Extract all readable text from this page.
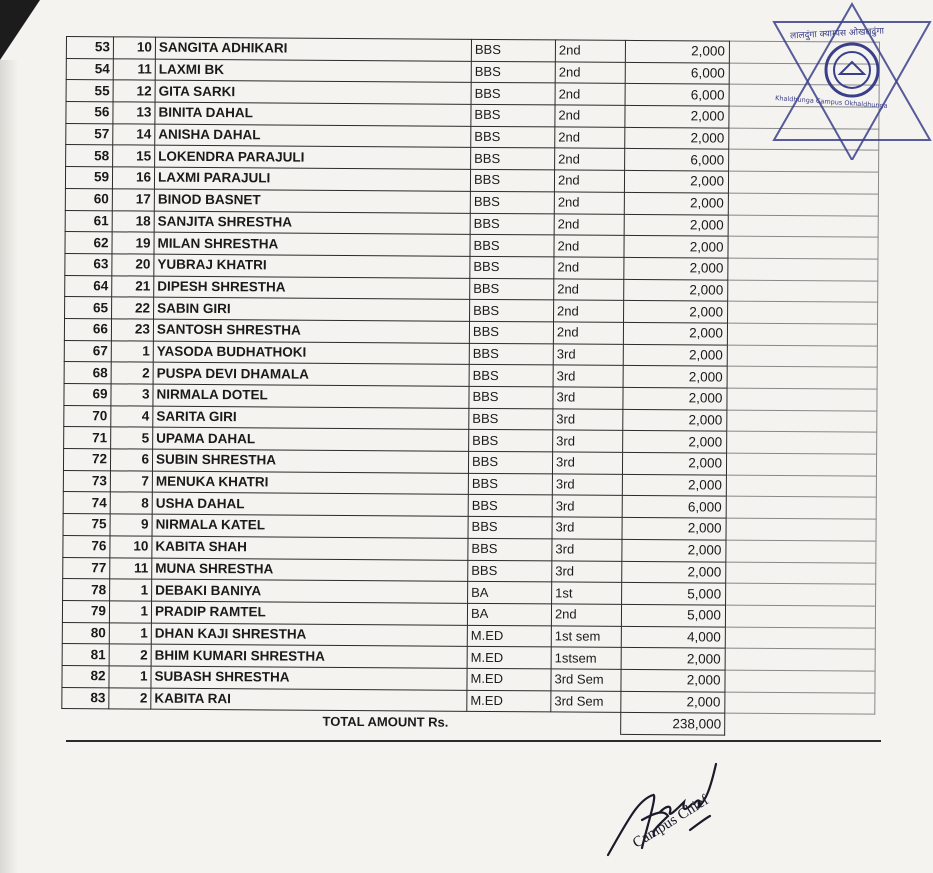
53	10	SANGITA ADHIKARI	BBS	2nd	2,000	
54	11	LAXMI BK	BBS	2nd	6,000	
55	12	GITA SARKI	BBS	2nd	6,000	
56	13	BINITA DAHAL	BBS	2nd	2,000	
57	14	ANISHA DAHAL	BBS	2nd	2,000	
58	15	LOKENDRA PARAJULI	BBS	2nd	6,000	
59	16	LAXMI PARAJULI	BBS	2nd	2,000	
60	17	BINOD BASNET	BBS	2nd	2,000	
61	18	SANJITA SHRESTHA	BBS	2nd	2,000	
62	19	MILAN SHRESTHA	BBS	2nd	2,000	
63	20	YUBRAJ KHATRI	BBS	2nd	2,000	
64	21	DIPESH SHRESTHA	BBS	2nd	2,000	
65	22	SABIN GIRI	BBS	2nd	2,000	
66	23	SANTOSH SHRESTHA	BBS	2nd	2,000	
67	1	YASODA BUDHATHOKI	BBS	3rd	2,000	
68	2	PUSPA DEVI DHAMALA	BBS	3rd	2,000	
69	3	NIRMALA DOTEL	BBS	3rd	2,000	
70	4	SARITA GIRI	BBS	3rd	2,000	
71	5	UPAMA DAHAL	BBS	3rd	2,000	
72	6	SUBIN SHRESTHA	BBS	3rd	2,000	
73	7	MENUKA KHATRI	BBS	3rd	2,000	
74	8	USHA DAHAL	BBS	3rd	6,000	
75	9	NIRMALA KATEL	BBS	3rd	2,000	
76	10	KABITA SHAH	BBS	3rd	2,000	
77	11	MUNA SHRESTHA	BBS	3rd	2,000	
78	1	DEBAKI BANIYA	BA	1st	5,000	
79	1	PRADIP RAMTEL	BA	2nd	5,000	
80	1	DHAN KAJI SHRESTHA	M.ED	1st sem	4,000	
81	2	BHIM KUMARI SHRESTHA	M.ED	1stsem	2,000	
82	1	SUBASH SHRESTHA	M.ED	3rd Sem	2,000	
83	2	KABITA RAI	M.ED	3rd Sem	2,000	
		TOTAL AMOUNT Rs.			238,000	
लालदुंगा क्याम्पस ओखलढुंगा
Khaldhunga Campus Okhaldhunga
Campus Chief
